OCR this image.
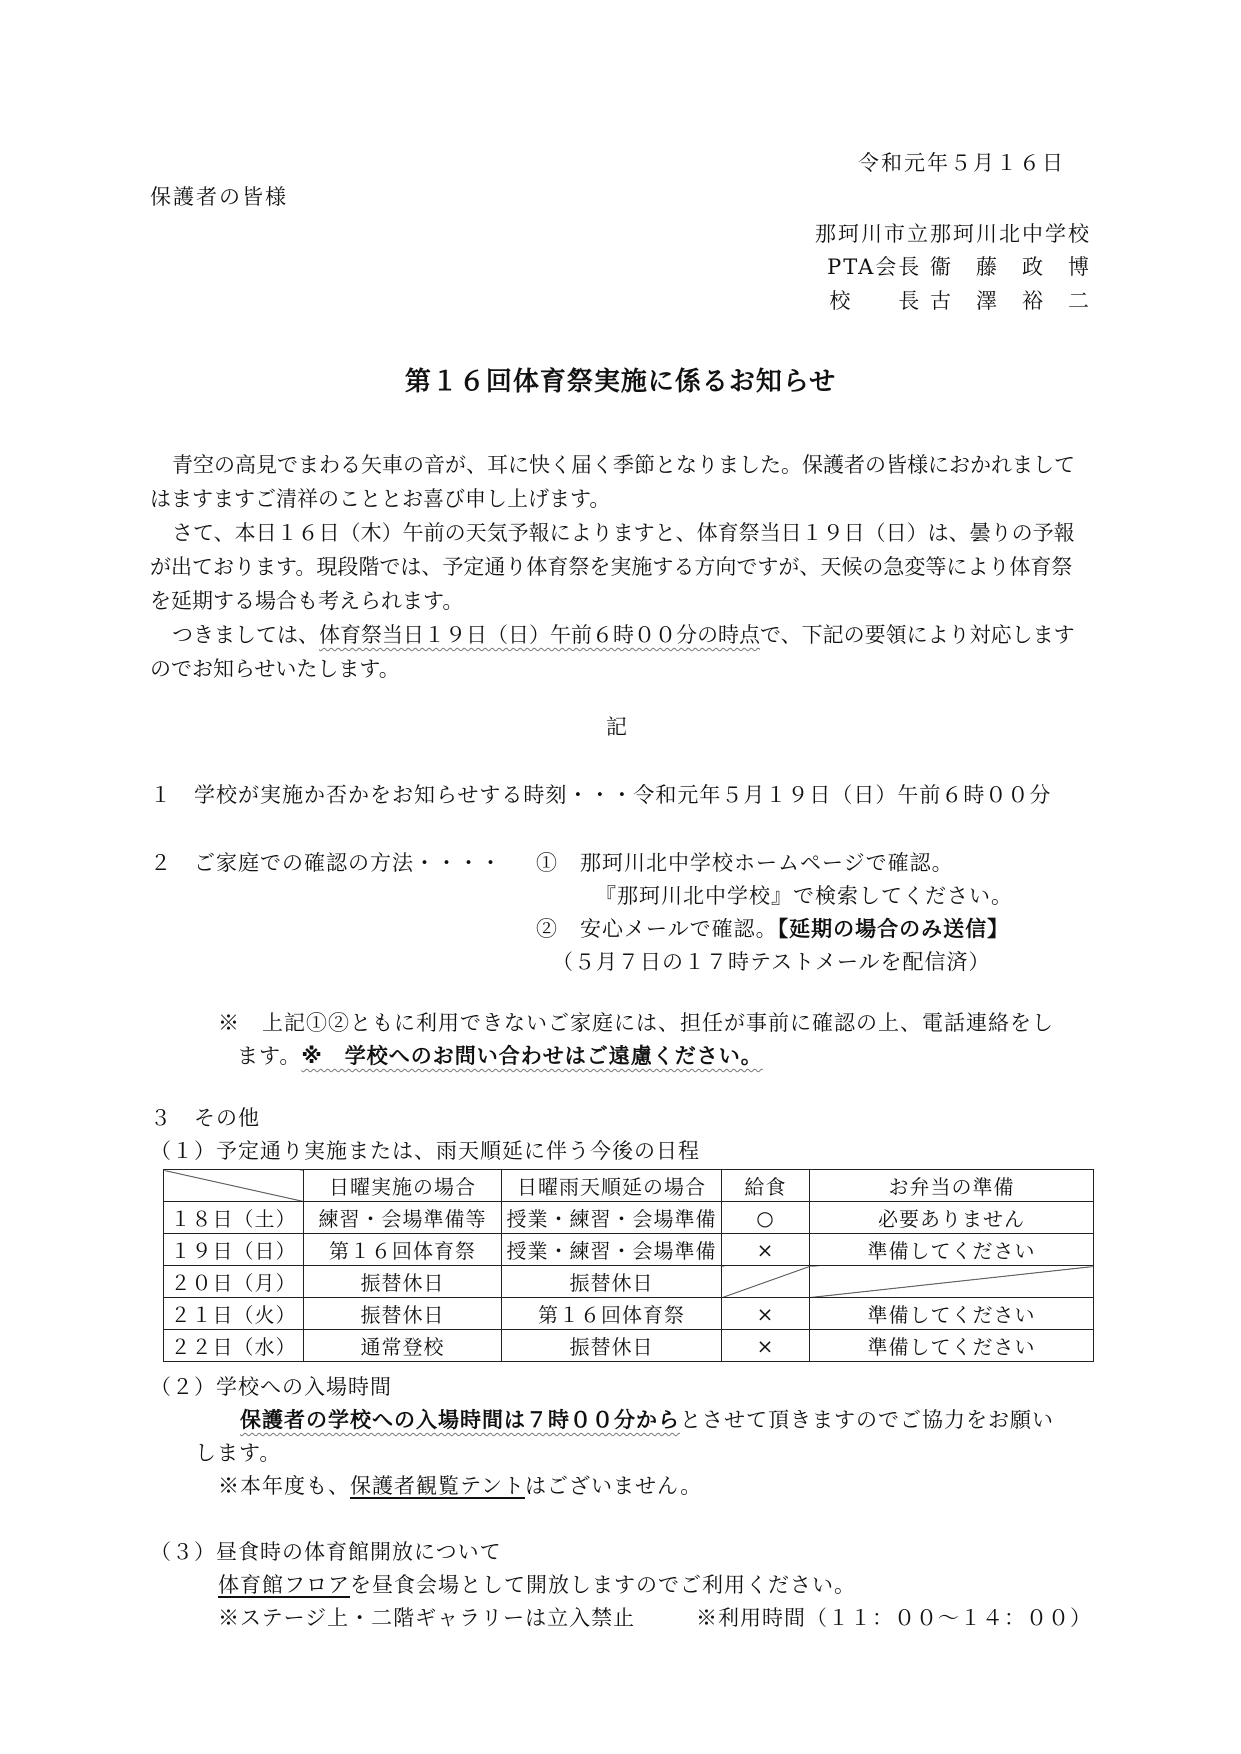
令和元年５月１６日
保護者の皆様
那珂川市立那珂川北中学校
PTA会長 衞　藤　政　博
校　　長 古　澤　裕　二
第１６回体育祭実施に係るお知らせ
青空の高見でまわる矢車の音が、耳に快く届く季節となりました。保護者の皆様におかれましてはますますご清祥のこととお喜び申し上げます。
さて、本日１６日（木）午前の天気予報によりますと、体育祭当日１９日（日）は、曇りの予報が出ております。現段階では、予定通り体育祭を実施する方向ですが、天候の急変等により体育祭を延期する場合も考えられます。
つきましては、体育祭当日１９日（日）午前６時００分の時点で、下記の要領により対応しますのでお知らせいたします。
記
１　学校が実施か否かをお知らせする時刻・・・令和元年５月１９日（日）午前６時００分
２　ご家庭での確認の方法・・・・ ①　那珂川北中学校ホームページで確認。
『那珂川北中学校』で検索してください。
②　安心メールで確認。【延期の場合のみ送信】
（５月７日の１７時テストメールを配信済）
※　上記①②ともに利用できないご家庭には、担任が事前に確認の上、電話連絡をし
ます。※　学校へのお問い合わせはご遠慮ください。
３　その他
（１）予定通り実施または、雨天順延に伴う今後の日程
	日曜実施の場合	日曜雨天順延の場合	給食	お弁当の準備
１８日（土）	練習・会場準備等	授業・練習・会場準備	○	必要ありません
１９日（日）	第１６回体育祭	授業・練習・会場準備	×	準備してください
２０日（月）	振替休日	振替休日		
２１日（火）	振替休日	第１６回体育祭	×	準備してください
２２日（水）	通常登校	振替休日	×	準備してください
（２）学校への入場時間
保護者の学校への入場時間は７時００分からとさせて頂きますのでご協力をお願い
します。
※本年度も、保護者観覧テントはございません。
（３）昼食時の体育館開放について
体育館フロアを昼食会場として開放しますのでご利用ください。
※ステージ上・二階ギャラリーは立入禁止	※利用時間（１１：００～１４：００）
